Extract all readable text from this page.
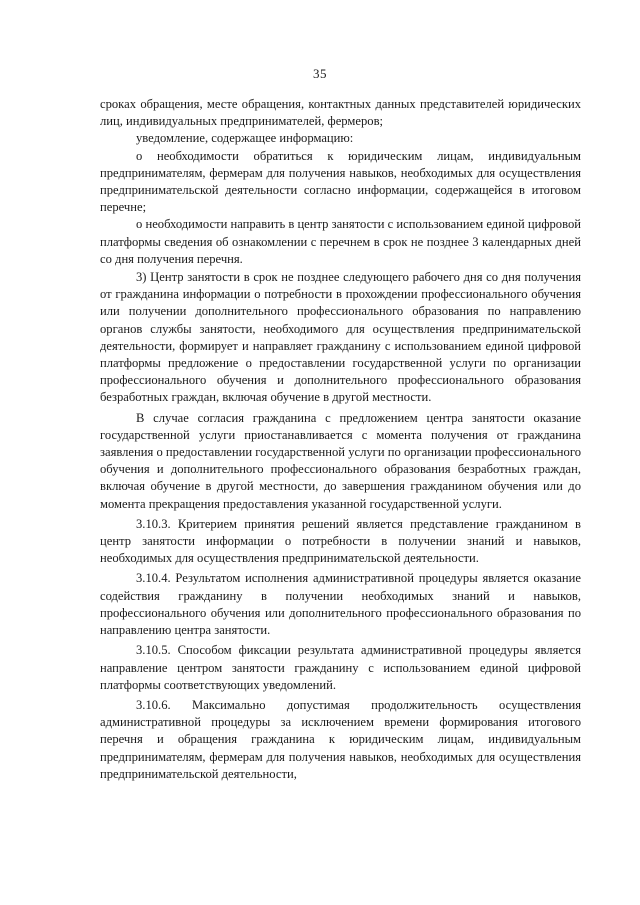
35

сроках обращения, месте обращения, контактных данных представителей юридических лиц, индивидуальных предпринимателей, фермеров;

уведомление, содержащее информацию:

о необходимости обратиться к юридическим лицам, индивидуальным предпринимателям, фермерам для получения навыков, необходимых для осуществления предпринимательской деятельности согласно информации, содержащейся в итоговом перечне;

о необходимости направить в центр занятости с использованием единой цифровой платформы сведения об ознакомлении с перечнем в срок не позднее 3 календарных дней со дня получения перечня.

3) Центр занятости в срок не позднее следующего рабочего дня со дня получения от гражданина информации о потребности в прохождении профессионального обучения или получении дополнительного профессионального образования по направлению органов службы занятости, необходимого для осуществления предпринимательской деятельности, формирует и направляет гражданину с использованием единой цифровой платформы предложение о предоставлении государственной услуги по организации профессионального обучения и дополнительного профессионального образования безработных граждан, включая обучение в другой местности.

В случае согласия гражданина с предложением центра занятости оказание государственной услуги приостанавливается с момента получения от гражданина заявления о предоставлении государственной услуги по организации профессионального обучения и дополнительного профессионального образования безработных граждан, включая обучение в другой местности, до завершения гражданином обучения или до момента прекращения предоставления указанной государственной услуги.

3.10.3. Критерием принятия решений является представление гражданином в центр занятости информации о потребности в получении знаний и навыков, необходимых для осуществления предпринимательской деятельности.

3.10.4. Результатом исполнения административной процедуры является оказание содействия гражданину в получении необходимых знаний и навыков, профессионального обучения или дополнительного профессионального образования по направлению центра занятости.

3.10.5. Способом фиксации результата административной процедуры является направление центром занятости гражданину с использованием единой цифровой платформы соответствующих уведомлений.

3.10.6. Максимально допустимая продолжительность осуществления административной процедуры за исключением времени формирования итогового перечня и обращения гражданина к юридическим лицам, индивидуальным предпринимателям, фермерам для получения навыков, необходимых для осуществления предпринимательской деятельности,
